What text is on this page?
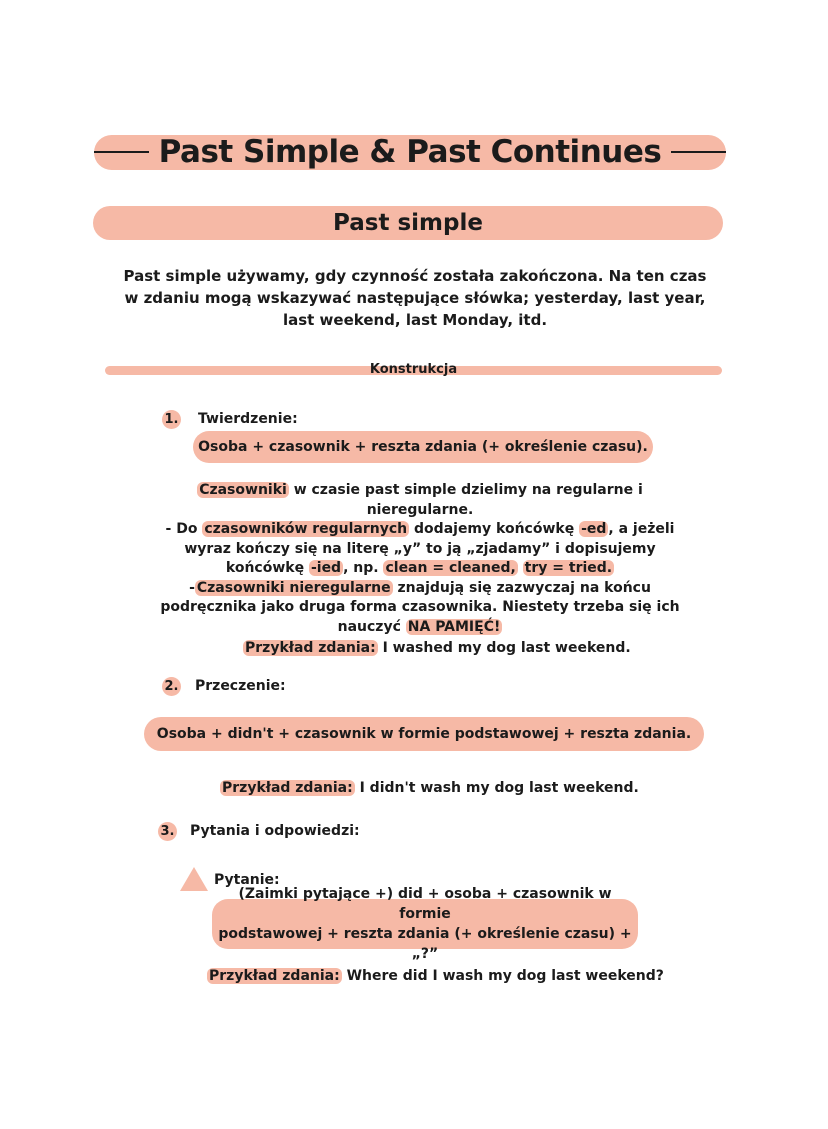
Past Simple & Past Continues
Past simple
Past simple używamy, gdy czynność została zakończona. Na ten czas w zdaniu mogą wskazywać następujące słówka; yesterday, last year, last weekend, last Monday, itd.
Konstrukcja
1. Twierdzenie:
Osoba + czasownik + reszta zdania (+ określenie czasu).
Czasowniki w czasie past simple dzielimy na regularne i nieregularne.
- Do czasowników regularnych dodajemy końcówkę -ed , a jeżeli wyraz kończy się na literę „y” to ją „zjadamy” i dopisujemy końcówkę -ied , np. clean = cleaned, try = tried.
- Czasowniki nieregularne znajdują się zazwyczaj na końcu podręcznika jako druga forma czasownika. Niestety trzeba się ich nauczyć NA PAMIĘĆ!
Przykład zdania: I washed my dog last weekend.
2. Przeczenie:
Osoba + didn't + czasownik w formie podstawowej + reszta zdania.
Przykład zdania: I didn't wash my dog last weekend.
3. Pytania i odpowiedzi:
Pytanie:
(Zaimki pytające +) did + osoba + czasownik w formie
podstawowej + reszta zdania (+ określenie czasu) + „?”
Przykład zdania: Where did I wash my dog last weekend?
